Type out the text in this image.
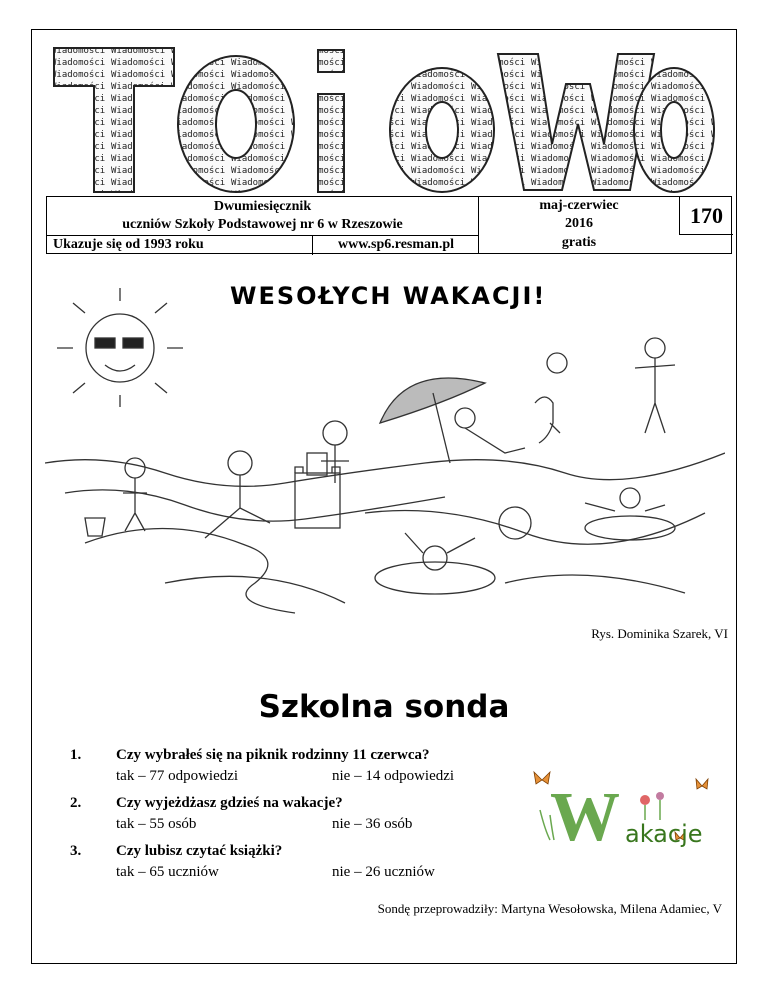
Dwumiesięcznik
uczniów Szkoły Podstawowej nr 6 w Rzeszowie
Ukazuje się od 1993 roku	www.sp6.resman.pl
maj-czerwiec
2016
gratis
170
WESOŁYCH WAKACJI!
Rys. Dominika Szarek, VI
Szkolna sonda
1. Czy wybrałeś się na piknik rodzinny 11 czerwca?
tak – 77 odpowiedzi	nie – 14 odpowiedzi
2. Czy wyjeżdżasz gdzieś na wakacje?
tak – 55 osób	nie – 36 osób
3. Czy lubisz czytać książki?
tak – 65 uczniów	nie – 26 uczniów
W akacje
Sondę przeprowadziły: Martyna Wesołowska, Milena Adamiec, V
